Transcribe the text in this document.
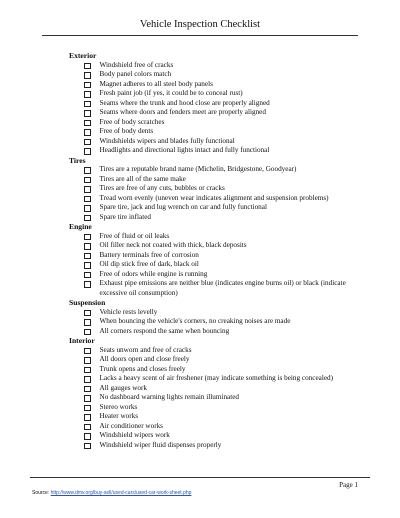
Vehicle Inspection Checklist
Exterior
Windshield free of cracks
Body panel colors match
Magnet adheres to all steel body panels
Fresh paint job (if yes, it could be to conceal rust)
Seams where the trunk and hood close are properly aligned
Seams where doors and fenders meet are properly aligned
Free of body scratches
Free of body dents
Windshields wipers and blades fully functional
Headlights and directional lights intact and fully functional
Tires
Tires are a reputable brand name (Michelin, Bridgestone, Goodyear)
Tires are all of the same make
Tires are free of any cuts, bubbles or cracks
Tread worn evenly (uneven wear indicates alignment and suspension problems)
Spare tire, jack and lug wrench on car and fully functional
Spare tire inflated
Engine
Free of fluid or oil leaks
Oil filler neck not coated with thick, black deposits
Battery terminals free of corrosion
Oil dip stick free of dark, black oil
Free of odors while engine is running
Exhaust pipe emissions are neither blue (indicates engine burns oil) or black (indicate excessive oil consumption)
Suspension
Vehicle rests levelly
When bouncing the vehicle's corners, no creaking noises are made
All corners respond the same when bouncing
Interior
Seats unworn and free of cracks
All doors open and close freely
Trunk opens and closes freely
Lacks a heavy scent of air freshener (may indicate something is being concealed)
All gauges work
No dashboard warning lights remain illuminated
Stereo works
Heater works
Air conditioner works
Windshield wipers work
Windshield wiper fluid dispenses properly
Page 1
Source: http://www.dmv.org/buy-sell/used-cars/used-car-work-sheet.php
